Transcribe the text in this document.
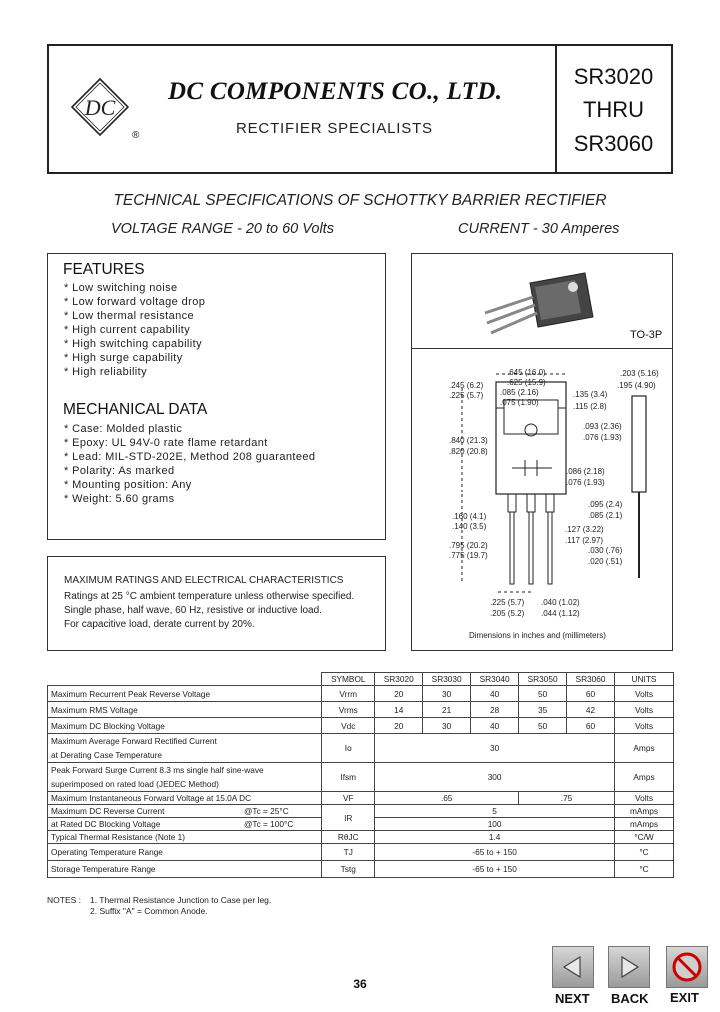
DC
®
DC COMPONENTS CO., LTD.
RECTIFIER SPECIALISTS
SR3020
THRU
SR3060
TECHNICAL SPECIFICATIONS OF SCHOTTKY BARRIER RECTIFIER
VOLTAGE RANGE - 20 to 60 Volts	CURRENT - 30 Amperes
FEATURES
* Low switching noise
* Low forward voltage drop
* Low thermal resistance
* High current capability
* High switching capability
* High surge capability
* High reliability
MECHANICAL DATA
* Case: Molded plastic
* Epoxy: UL 94V-0 rate flame retardant
* Lead: MIL-STD-202E, Method 208 guaranteed
* Polarity: As marked
* Mounting position: Any
* Weight: 5.60 grams
MAXIMUM RATINGS AND ELECTRICAL CHARACTERISTICS
Ratings at 25 °C ambient temperature unless otherwise specified.
Single phase, half wave, 60 Hz, resistive or inductive load.
For capacitive load, derate current by 20%.
TO-3P
.645 (16.0)
.625 (15.9)
.085 (2.16)
.075 (1.90)
.135 (3.4)
.115 (2.8)
.245 (6.2)
.225 (5.7)
.203 (5.16)
.195 (4.90)
.840 (21.3)
.820 (20.8)
.093 (2.36)
.076 (1.93)
.086 (2.18)
.076 (1.93)
.095 (2.4)
.085 (2.1)
.160 (4.1)
.140 (3.5)	.127 (3.22)
.117 (2.97)
.030 (.76)
.020 (.51)
.795 (20.2)
.775 (19.7)
.225 (5.7)
.205 (5.2)
.040 (1.02)
.044 (1.12)
Dimensions in inches and (millimeters)
	SYMBOL	SR3020	SR3030	SR3040	SR3050	SR3060	UNITS
Maximum Recurrent Peak Reverse Voltage	Vrrm	20	30	40	50	60	Volts
Maximum RMS Voltage	Vrms	14	21	28	35	42	Volts
Maximum DC Blocking Voltage	Vdc	20	30	40	50	60	Volts

Maximum Average Forward Rectified Current
at Derating Case Temperature	Io	30					Amps

Peak Forward Surge Current 8.3 ms single half sine-wave
superimposed on rated load (JEDEC Method)	Ifsm	300					Amps
Maximum Instantaneous Forward Voltage at 15.0A DC	VF	.65			.75		Volts
Maximum DC Reverse Current @Tc = 25°C	IR	5					mAmps
at Rated DC Blocking Voltage @Tc = 100°C		100					mAmps
Typical Thermal Resistance (Note 1)	RθJC	1.4					°C/W
Operating Temperature Range	TJ	-65 to + 150					°C
Storage Temperature Range	Tstg	-65 to + 150					°C
NOTES : 1. Thermal Resistance Junction to Case per leg.
2. Suffix "A" = Common Anode.
36
NEXT BACK EXIT
